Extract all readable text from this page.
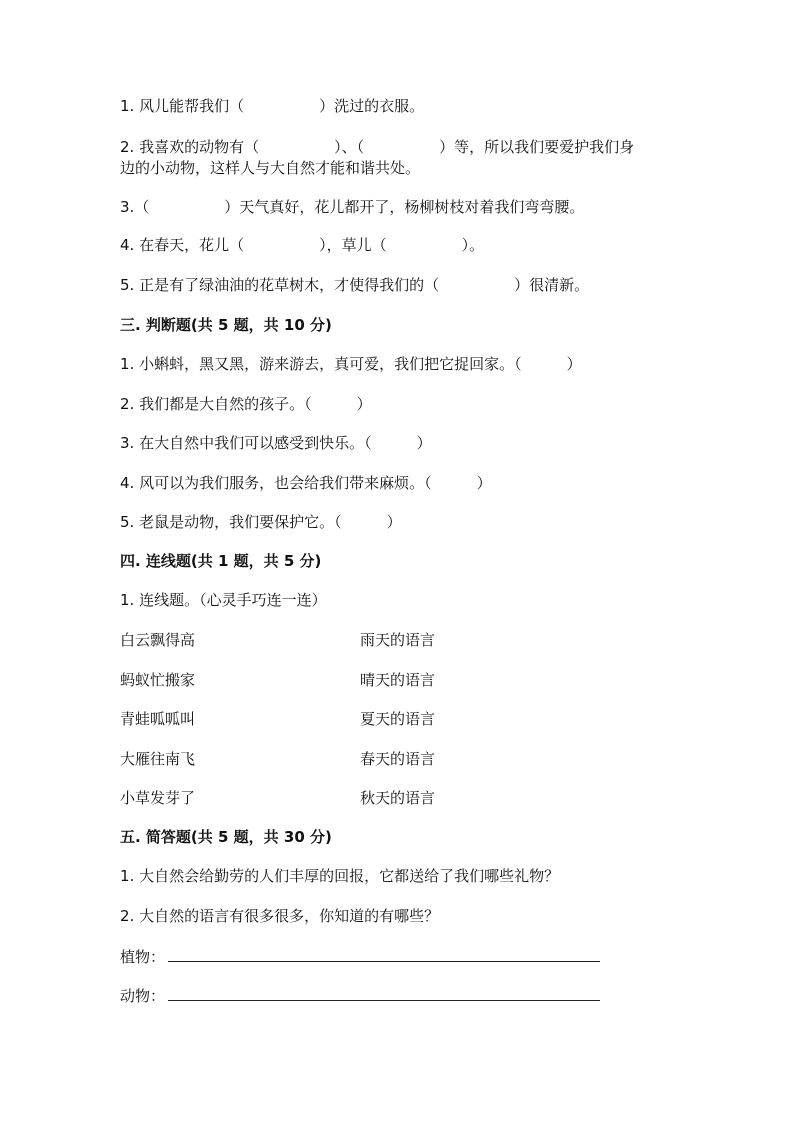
1. 风儿能帮我们（　　　　　）洗过的衣服。
2. 我喜欢的动物有（　　　　　）、（　　　　　）等，所以我们要爱护我们身
边的小动物，这样人与大自然才能和谐共处。
3.（　　　　　）天气真好，花儿都开了，杨柳树枝对着我们弯弯腰。
4. 在春天，花儿（　　　　　），草儿（　　　　　）。
5. 正是有了绿油油的花草树木，才使得我们的（　　　　　）很清新。
三. 判断题(共 5 题，共 10 分)
1. 小蝌蚪，黑又黑，游来游去，真可爱，我们把它捉回家。（　　　）
2. 我们都是大自然的孩子。（　　　）
3. 在大自然中我们可以感受到快乐。（　　　）
4. 风可以为我们服务，也会给我们带来麻烦。（　　　）
5. 老鼠是动物，我们要保护它。（　　　）
四. 连线题(共 1 题，共 5 分)
1. 连线题。（心灵手巧连一连）
白云飘得高
蚂蚁忙搬家
青蛙呱呱叫
大雁往南飞
小草发芽了
雨天的语言
晴天的语言
夏天的语言
春天的语言
秋天的语言
五. 简答题(共 5 题，共 30 分)
1. 大自然会给勤劳的人们丰厚的回报，它都送给了我们哪些礼物？
2. 大自然的语言有很多很多，你知道的有哪些？
植物：
动物：
